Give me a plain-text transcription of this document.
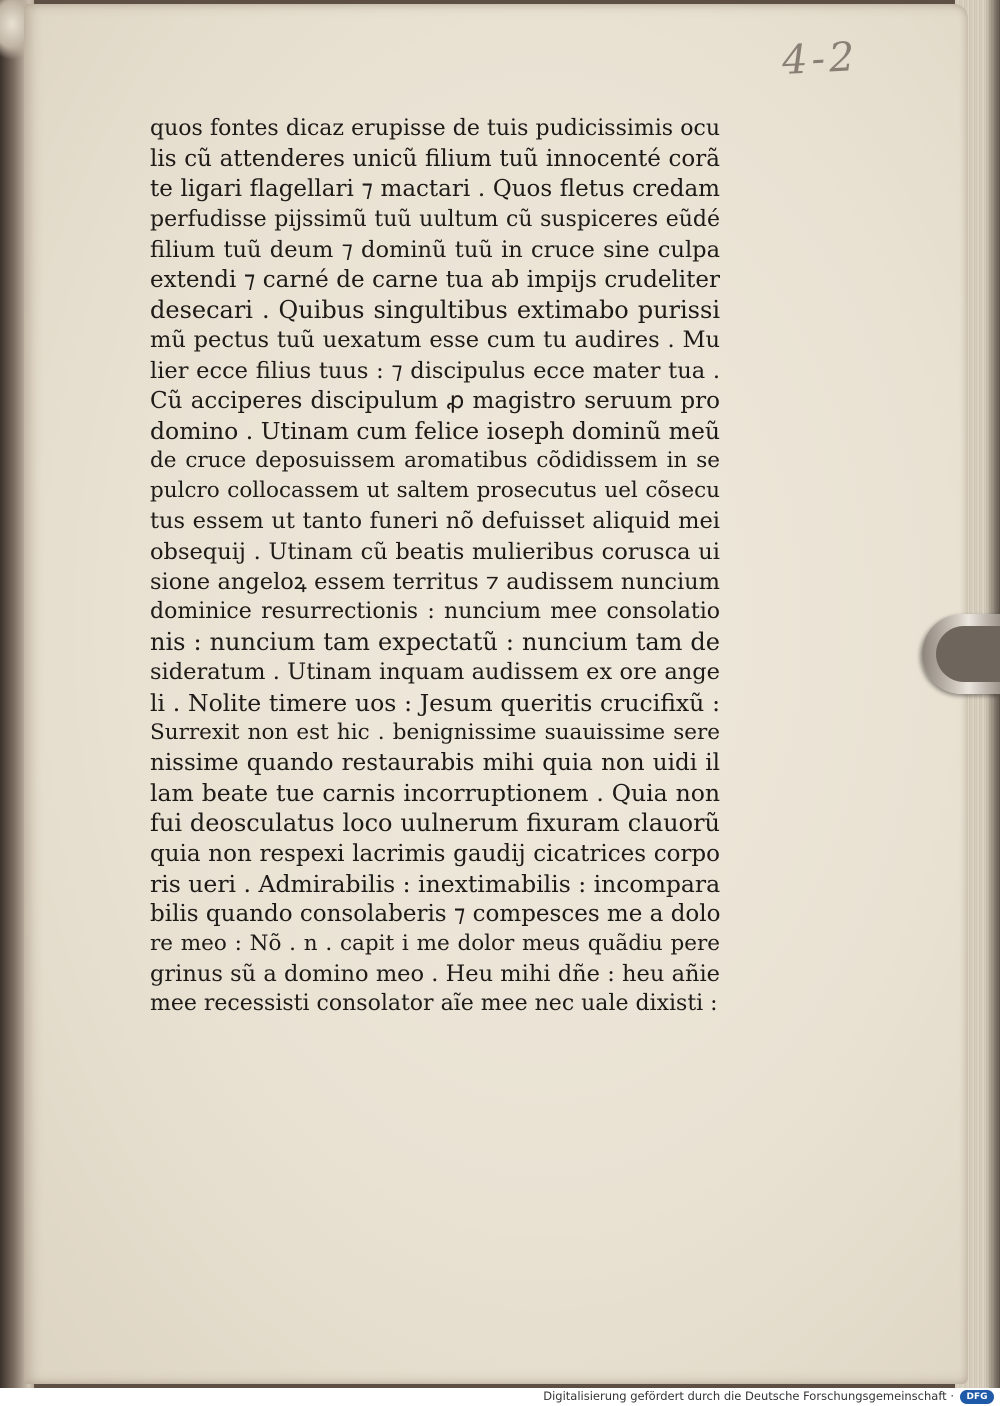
4-2
quos fontes dicaz erupisse de tuis pudicissimis ocu
lis cũ attenderes unicũ filium tuũ innocenté corã
te ligari flagellari ⁊ mactari . Quos fletus credam
perfudisse pijssimũ tuũ uultum cũ suspiceres eũdé
filium tuũ deum ⁊ dominũ tuũ in cruce sine culpa
extendi ⁊ carné de carne tua ab impijs crudeliter
desecari . Quibus singultibus extimabo purissi
mũ pectus tuũ uexatum esse cum tu audires . Mu
lier ecce filius tuus : ⁊ discipulus ecce mater tua .
Cũ acciperes discipulum ꝓ magistro seruum pro
domino . Utinam cum felice ioseph dominũ meũ
de cruce deposuissem aromatibus cõdidissem in se
pulcro collocassem ut saltem prosecutus uel cõsecu
tus essem ut tanto funeri nõ defuisset aliquid mei
obsequij . Utinam cũ beatis mulieribus corusca ui
sione angeloꝝ essem territus ⁊ audissem nuncium
dominice resurrectionis : nuncium mee consolatio
nis : nuncium tam expectatũ : nuncium tam de
sideratum . Utinam inquam audissem ex ore ange
li . Nolite timere uos : Jesum queritis crucifixũ :
Surrexit non est hic . benignissime suauissime sere
nissime quando restaurabis mihi quia non uidi il
lam beate tue carnis incorruptionem . Quia non
fui deosculatus loco uulnerum fixuram clauorũ
quia non respexi lacrimis gaudij cicatrices corpo
ris ueri . Admirabilis : inextimabilis : incompara
bilis quando consolaberis ⁊ compesces me a dolo
re meo : Nõ . n . capit i me dolor meus quãdiu pere
grinus sũ a domino meo . Heu mihi dñe : heu añie
mee recessisti consolator aĩe mee nec uale dixisti :
Digitalisierung gefördert durch die Deutsche Forschungsgemeinschaft ·	DFG
